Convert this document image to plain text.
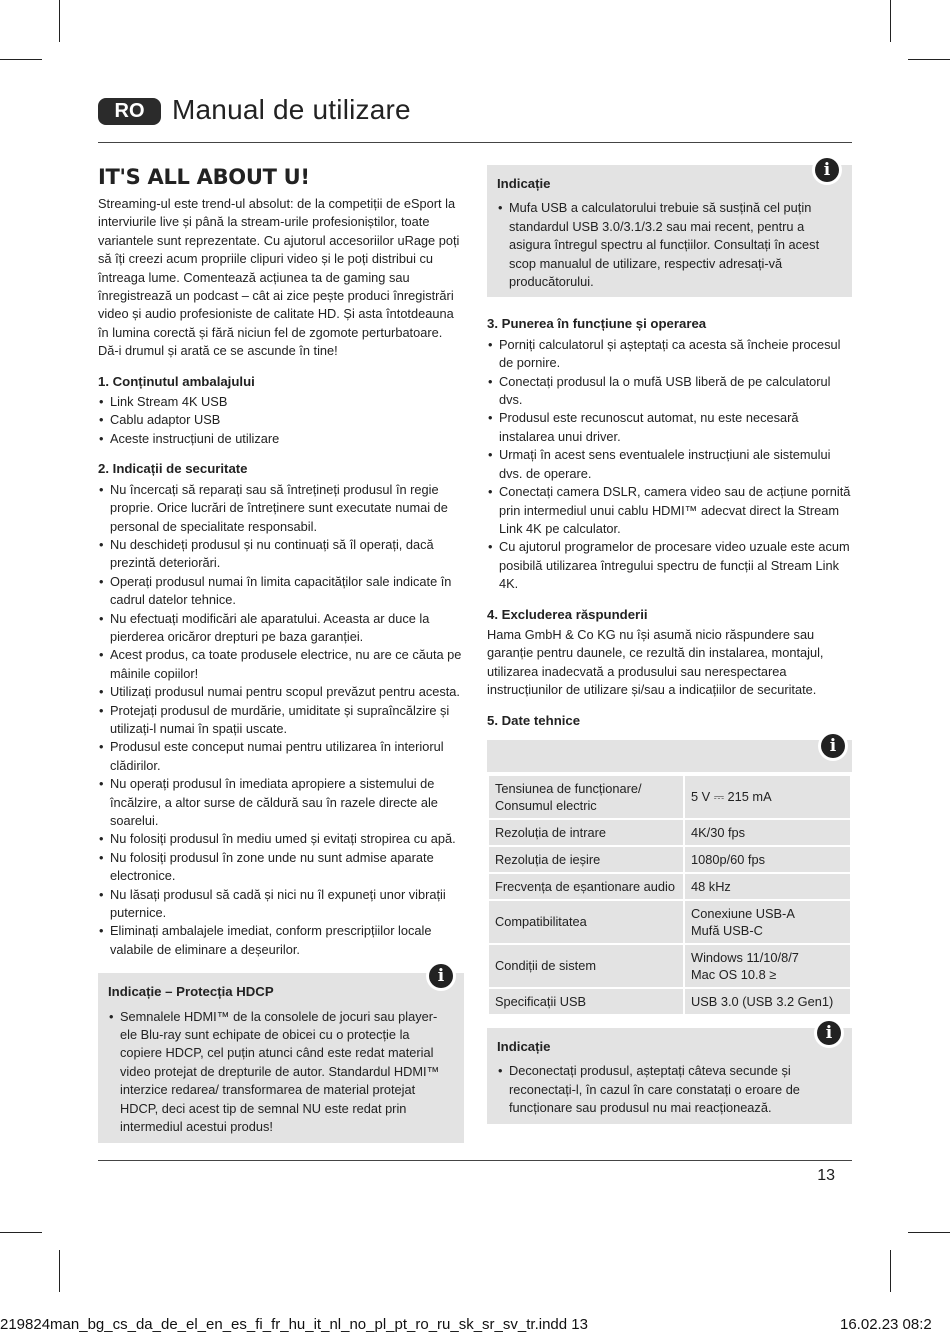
RO Manual de utilizare
IT'S ALL ABOUT U!

Streaming-ul este trend-ul absolut: de la competiții de eSport la interviurile live și până la stream-urile profesioniștilor, toate variantele sunt reprezentate. Cu ajutorul accesoriilor uRage poți să îți creezi acum propriile clipuri video și le poți distribui cu întreaga lume. Comentează acțiunea ta de gaming sau înregistrează un podcast – cât ai zice pește produci înregistrări video și audio profesioniste de calitate HD. Și asta întotdeauna în lumina corectă și fără niciun fel de zgomote perturbatoare. Dă-i drumul și arată ce se ascunde în tine!

1. Conținutul ambalajului
• Link Stream 4K USB
• Cablu adaptor USB
• Aceste instrucțiuni de utilizare
2. Indicații de securitate
• Nu încercați să reparați sau să întrețineți produsul în regie proprie. Orice lucrări de întreținere sunt executate numai de personal de specialitate responsabil.
• Nu deschideți produsul și nu continuați să îl operați, dacă prezintă deteriorări.
• Operați produsul numai în limita capacităților sale indicate în cadrul datelor tehnice.
• Nu efectuați modificări ale aparatului. Aceasta ar duce la pierderea oricăror drepturi pe baza garanției.
• Acest produs, ca toate produsele electrice, nu are ce căuta pe mâinile copiilor!
• Utilizați produsul numai pentru scopul prevăzut pentru acesta.
• Protejați produsul de murdărie, umiditate și supraîncălzire și utilizați-l numai în spații uscate.
• Produsul este conceput numai pentru utilizarea în interiorul clădirilor.
• Nu operați produsul în imediata apropiere a sistemului de încălzire, a altor surse de căldură sau în razele directe ale soarelui.
• Nu folosiți produsul în mediu umed și evitați stropirea cu apă.
• Nu folosiți produsul în zone unde nu sunt admise aparate electronice.
• Nu lăsați produsul să cadă și nici nu îl expuneți unor vibrații puternice.
• Eliminați ambalajele imediat, conform prescripțiilor locale valabile de eliminare a deșeurilor.
Indicație – Protecția HDCP
i
• Semnalele HDMI™ de la consolele de jocuri sau player-ele Blu-ray sunt echipate de obicei cu o protecție la copiere HDCP, cel puțin atunci când este redat material video protejat de drepturile de autor. Standardul HDMI™ interzice redarea/ transformarea de material protejat HDCP, deci acest tip de semnal NU este redat prin intermediul acestui produs!
Indicație
i
• Mufa USB a calculatorului trebuie să susțină cel puțin standardul USB 3.0/3.1/3.2 sau mai recent, pentru a asigura întregul spectru al funcțiilor. Consultați în acest scop manualul de utilizare, respectiv adresați-vă producătorului.
3. Punerea în funcțiune și operarea
• Porniți calculatorul și așteptați ca acesta să încheie procesul de pornire.
• Conectați produsul la o mufă USB liberă de pe calculatorul dvs.
• Produsul este recunoscut automat, nu este necesară instalarea unui driver.
• Urmați în acest sens eventualele instrucțiuni ale sistemului dvs. de operare.
• Conectați camera DSLR, camera video sau de acțiune pornită prin intermediul unui cablu HDMI™ adecvat direct la Stream Link 4K pe calculator.
• Cu ajutorul programelor de procesare video uzuale este acum posibilă utilizarea întregului spectru de funcții al Stream Link 4K.
4. Excluderea răspunderii

Hama GmbH & Co KG nu își asumă nicio răspundere sau garanție pentru daunele, ce rezultă din instalarea, montajul, utilizarea inadecvată a produsului sau nerespectarea instrucțiunilor de utilizare și/sau a indicațiilor de securitate.

5. Date tehnice
i
Tensiunea de funcționare/
Consumul electric	5 V ⎓ 215 mA

Rezoluția de intrare	4K/30 fps
Rezoluția de ieșire	1080p/60 fps
Frecvența de eșantionare audio	48 kHz
Compatibilitatea	Conexiune USB-A
Mufă USB-C

Condiții de sistem	Windows 11/10/8/7
Mac OS 10.8 ≥

Specificații USB	USB 3.0 (USB 3.2 Gen1)
Indicație
i
• Deconectați produsul, așteptați câteva secunde și reconectați-l, în cazul în care constatați o eroare de funcționare sau produsul nu mai reacționează.
13
219824man_bg_cs_da_de_el_en_es_fi_fr_hu_it_nl_no_pl_pt_ro_ru_sk_sr_sv_tr.indd 13	16.02.23 08:2
